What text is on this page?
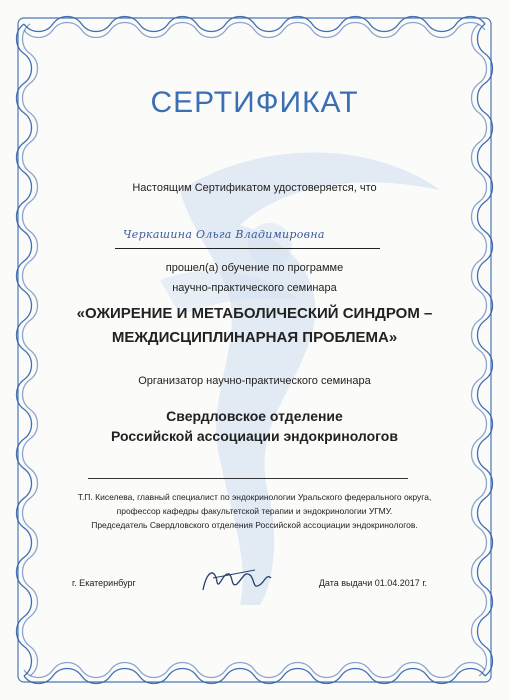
СЕРТИФИКАТ
Настоящим Сертификатом удостоверяется, что
Черкашина Ольга Владимировна
прошел(а) обучение по программе
научно-практического семинара
«ОЖИРЕНИЕ И МЕТАБОЛИЧЕСКИЙ СИНДРОМ –
МЕЖДИСЦИПЛИНАРНАЯ ПРОБЛЕМА»
Организатор научно-практического семинара
Свердловское отделение
Российской ассоциации эндокринологов
Т.П. Киселева, главный специалист по эндокринологии Уральского федерального округа,
профессор кафедры факультетской терапии и эндокринологии УГМУ.
Председатель Свердловского отделения Российской ассоциации эндокринологов.
г. Екатеринбург	Дата выдачи 01.04.2017 г.
